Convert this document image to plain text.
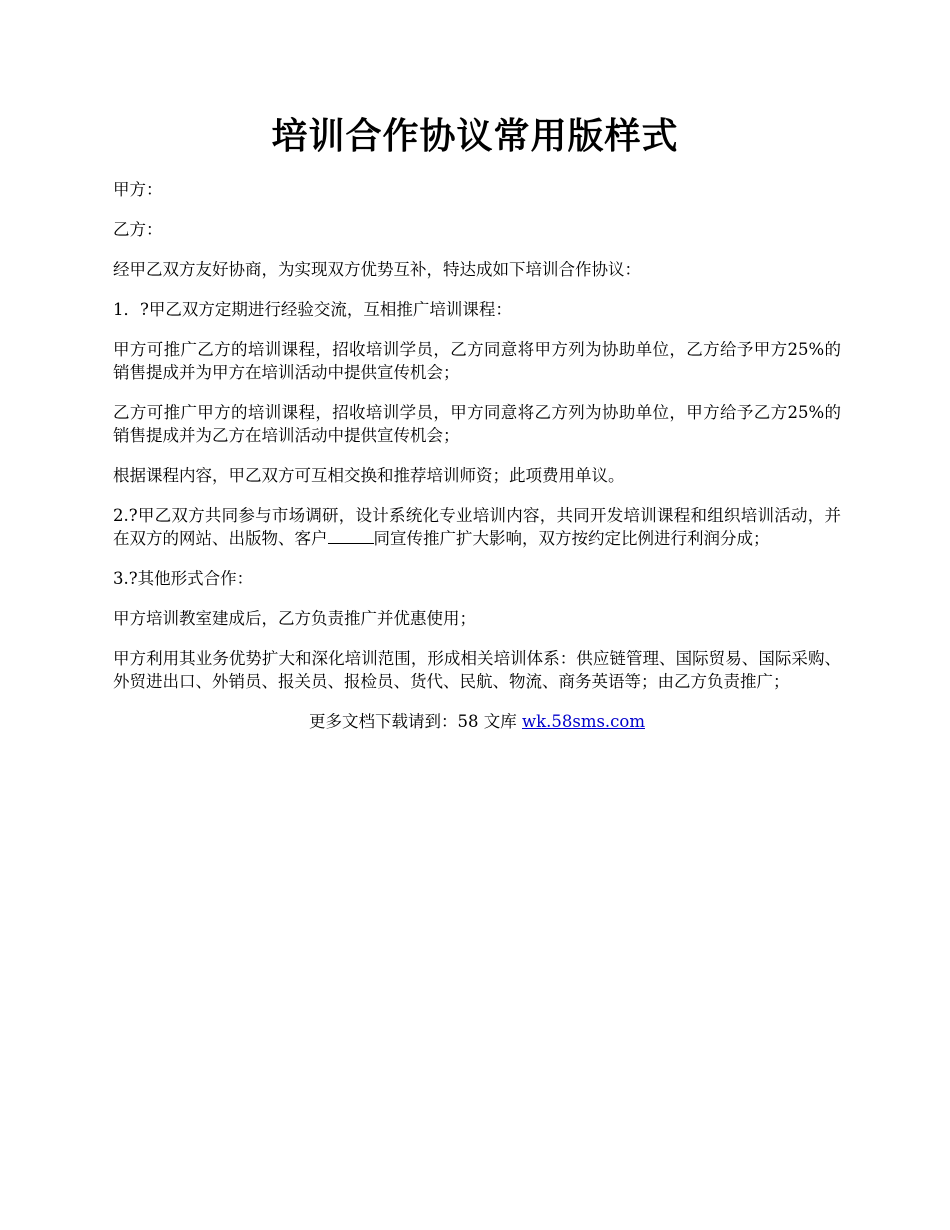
培训合作协议常用版样式

甲方：

乙方：

经甲乙双方友好协商，为实现双方优势互补，特达成如下培训合作协议：

1．?甲乙双方定期进行经验交流，互相推广培训课程：

甲方可推广乙方的培训课程，招收培训学员，乙方同意将甲方列为协助单位，乙方给予甲方25%的销售提成并为甲方在培训活动中提供宣传机会；

乙方可推广甲方的培训课程，招收培训学员，甲方同意将乙方列为协助单位，甲方给予乙方25%的销售提成并为乙方在培训活动中提供宣传机会；

根据课程内容，甲乙双方可互相交换和推荐培训师资；此项费用单议。

2.?甲乙双方共同参与市场调研，设计系统化专业培训内容，共同开发培训课程和组织培训活动，并在双方的网站、出版物、客户	同宣传推广扩大影响，双方按约定比例进行利润分成；

3.?其他形式合作：

甲方培训教室建成后，乙方负责推广并优惠使用；

甲方利用其业务优势扩大和深化培训范围，形成相关培训体系：供应链管理、国际贸易、国际采购、外贸进出口、外销员、报关员、报检员、货代、民航、物流、商务英语等；由乙方负责推广；

更多文档下载请到：58 文库 wk.58sms.com
